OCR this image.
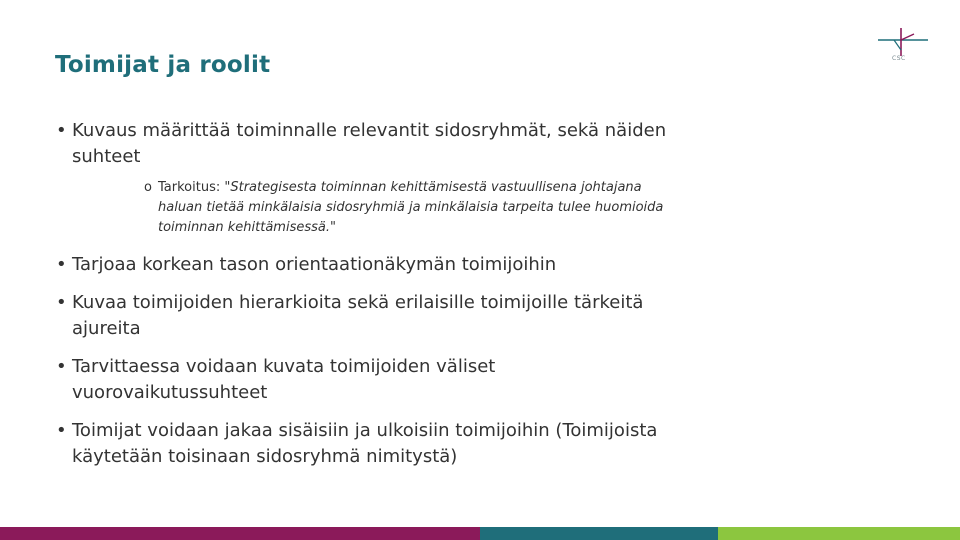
Toimijat ja roolit	CSC
• Kuvaus määrittää toiminnalle relevantit sidosryhmät, sekä näiden suhteet
o Tarkoitus: "Strategisesta toiminnan kehittämisestä vastuullisena johtajana haluan tietää minkälaisia sidosryhmiä ja minkälaisia tarpeita tulee huomioida toiminnan kehittämisessä."
• Tarjoaa korkean tason orientaationäkymän toimijoihin
• Kuvaa toimijoiden hierarkioita sekä erilaisille toimijoille tärkeitä ajureita
• Tarvittaessa voidaan kuvata toimijoiden väliset vuorovaikutussuhteet
• Toimijat voidaan jakaa sisäisiin ja ulkoisiin toimijoihin (Toimijoista käytetään toisinaan sidosryhmä nimitystä)
